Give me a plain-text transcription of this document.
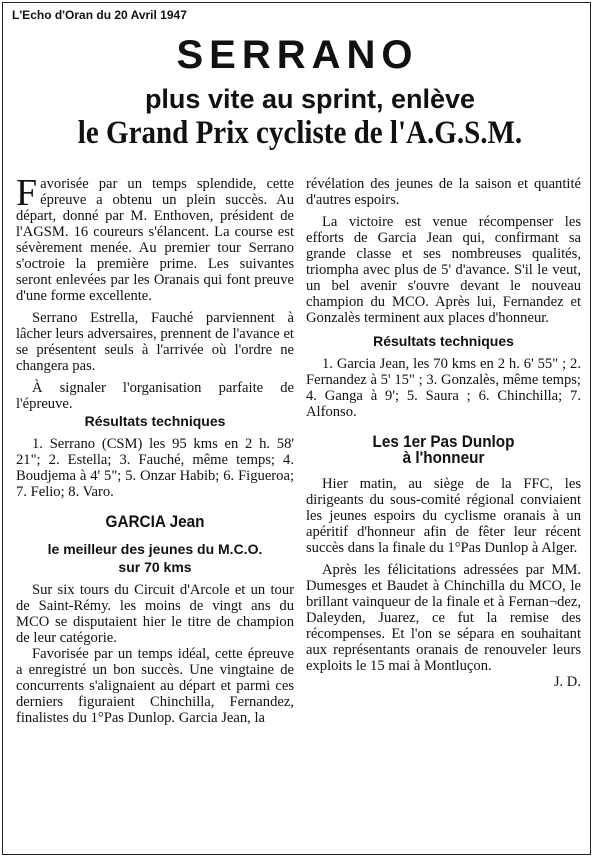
L'Echo d'Oran du 20 Avril 1947
SERRANO
plus vite au sprint, enlève
le Grand Prix cycliste de l'A.G.S.M.

Favorisée par un temps splendide, cette épreuve a obtenu un plein succès. Au départ, donné par M. Enthoven, président de l'AGSM. 16 coureurs s'élancent. La course est sévèrement menée. Au premier tour Serrano s'octroie la première prime. Les suivantes seront enlevées par les Oranais qui font preuve d'une forme excellente.

Serrano Estrella, Fauché parviennent à lâcher leurs adversaires, prennent de l'avance et se présentent seuls à l'arrivée où l'ordre ne changera pas.

À signaler l'organisation parfaite de l'épreuve.

Résultats techniques

1. Serrano (CSM) les 95 kms en 2 h. 58' 21"; 2. Estella; 3. Fauché, même temps; 4. Boudjema à 4' 5"; 5. Onzar Habib; 6. Figueroa; 7. Felio; 8. Varo.

GARCIA Jean
le meilleur des jeunes du M.C.O.
sur 70 kms

Sur six tours du Circuit d'Arcole et un tour de Saint-Rémy. les moins de vingt ans du MCO se disputaient hier le titre de champion de leur catégorie.

Favorisée par un temps idéal, cette épreuve a enregistré un bon succès. Une vingtaine de concurrents s'alignaient au départ et parmi ces derniers figuraient Chinchilla, Fernandez, finalistes du 1°Pas Dunlop. Garcia Jean, la

révélation des jeunes de la saison et quantité d'autres espoirs.

La victoire est venue récompenser les efforts de Garcia Jean qui, confirmant sa grande classe et ses nombreuses qualités, triompha avec plus de 5' d'avance. S'il le veut, un bel avenir s'ouvre devant le nouveau champion du MCO. Après lui, Fernandez et Gonzalès terminent aux places d'honneur.

Résultats techniques

1. Garcia Jean, les 70 kms en 2 h. 6' 55" ; 2. Fernandez à 5' 15" ; 3. Gonzalès, même temps; 4. Ganga à 9'; 5. Saura ; 6. Chinchilla; 7. Alfonso.

Les 1er Pas Dunlop
à l'honneur

Hier matin, au siège de la FFC, les dirigeants du sous-comité régional conviaient les jeunes espoirs du cyclisme oranais à un apéritif d'honneur afin de fêter leur récent succès dans la finale du 1°Pas Dunlop à Alger.

Après les félicitations adressées par MM. Dumesges et Baudet à Chinchilla du MCO, le brillant vainqueur de la finale et à Fernan¬dez, Daleyden, Juarez, ce fut la remise des récompenses. Et l'on se sépara en souhaitant aux représentants oranais de renouveler leurs exploits le 15 mai à Montluçon.

J. D.
